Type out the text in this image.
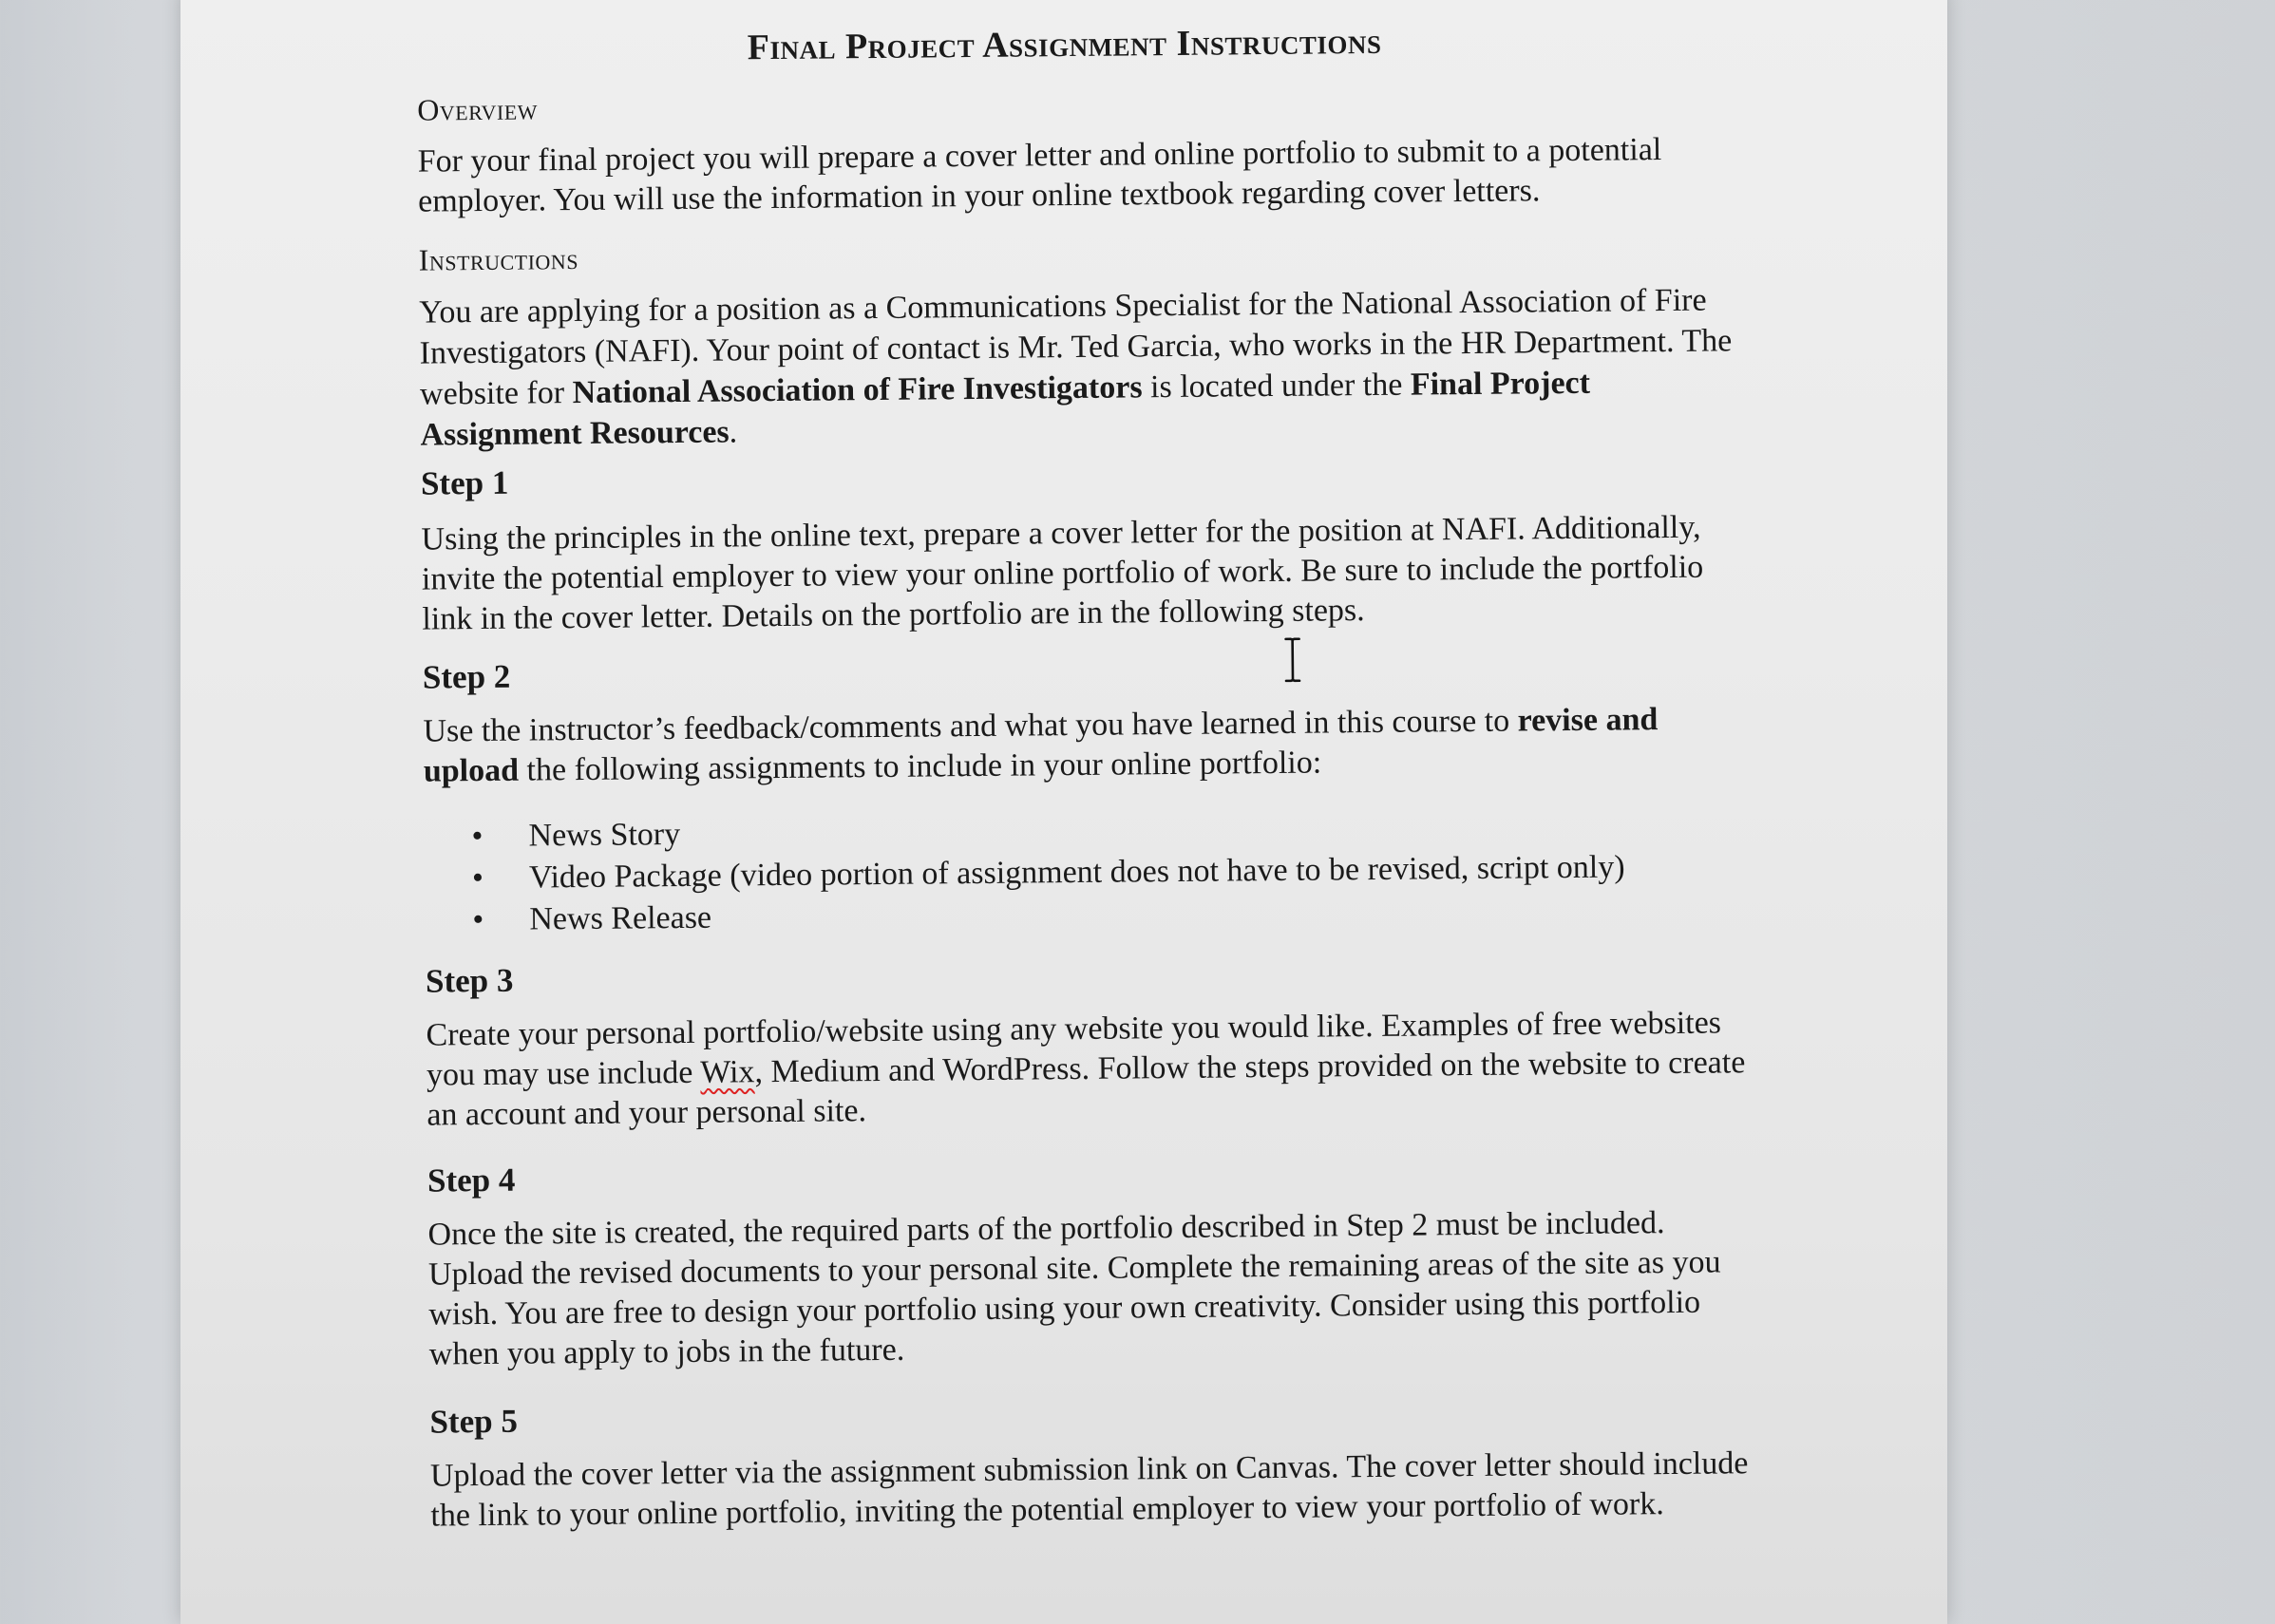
Final Project Assignment Instructions
Overview
For your final project you will prepare a cover letter and online portfolio to submit to a potential employer. You will use the information in your online textbook regarding cover letters.
Instructions
You are applying for a position as a Communications Specialist for the National Association of Fire Investigators (NAFI). Your point of contact is Mr. Ted Garcia, who works in the HR Department. The website for National Association of Fire Investigators is located under the Final Project Assignment Resources.
Step 1
Using the principles in the online text, prepare a cover letter for the position at NAFI. Additionally, invite the potential employer to view your online portfolio of work. Be sure to include the portfolio link in the cover letter. Details on the portfolio are in the following steps.
Step 2
Use the instructor’s feedback/comments and what you have learned in this course to revise and upload the following assignments to include in your online portfolio:
• News Story
• Video Package (video portion of assignment does not have to be revised, script only)
• News Release
Step 3
Create your personal portfolio/website using any website you would like. Examples of free websites you may use include Wix, Medium and WordPress. Follow the steps provided on the website to create an account and your personal site.
Step 4
Once the site is created, the required parts of the portfolio described in Step 2 must be included. Upload the revised documents to your personal site. Complete the remaining areas of the site as you wish. You are free to design your portfolio using your own creativity. Consider using this portfolio when you apply to jobs in the future.
Step 5
Upload the cover letter via the assignment submission link on Canvas. The cover letter should include the link to your online portfolio, inviting the potential employer to view your portfolio of work.
